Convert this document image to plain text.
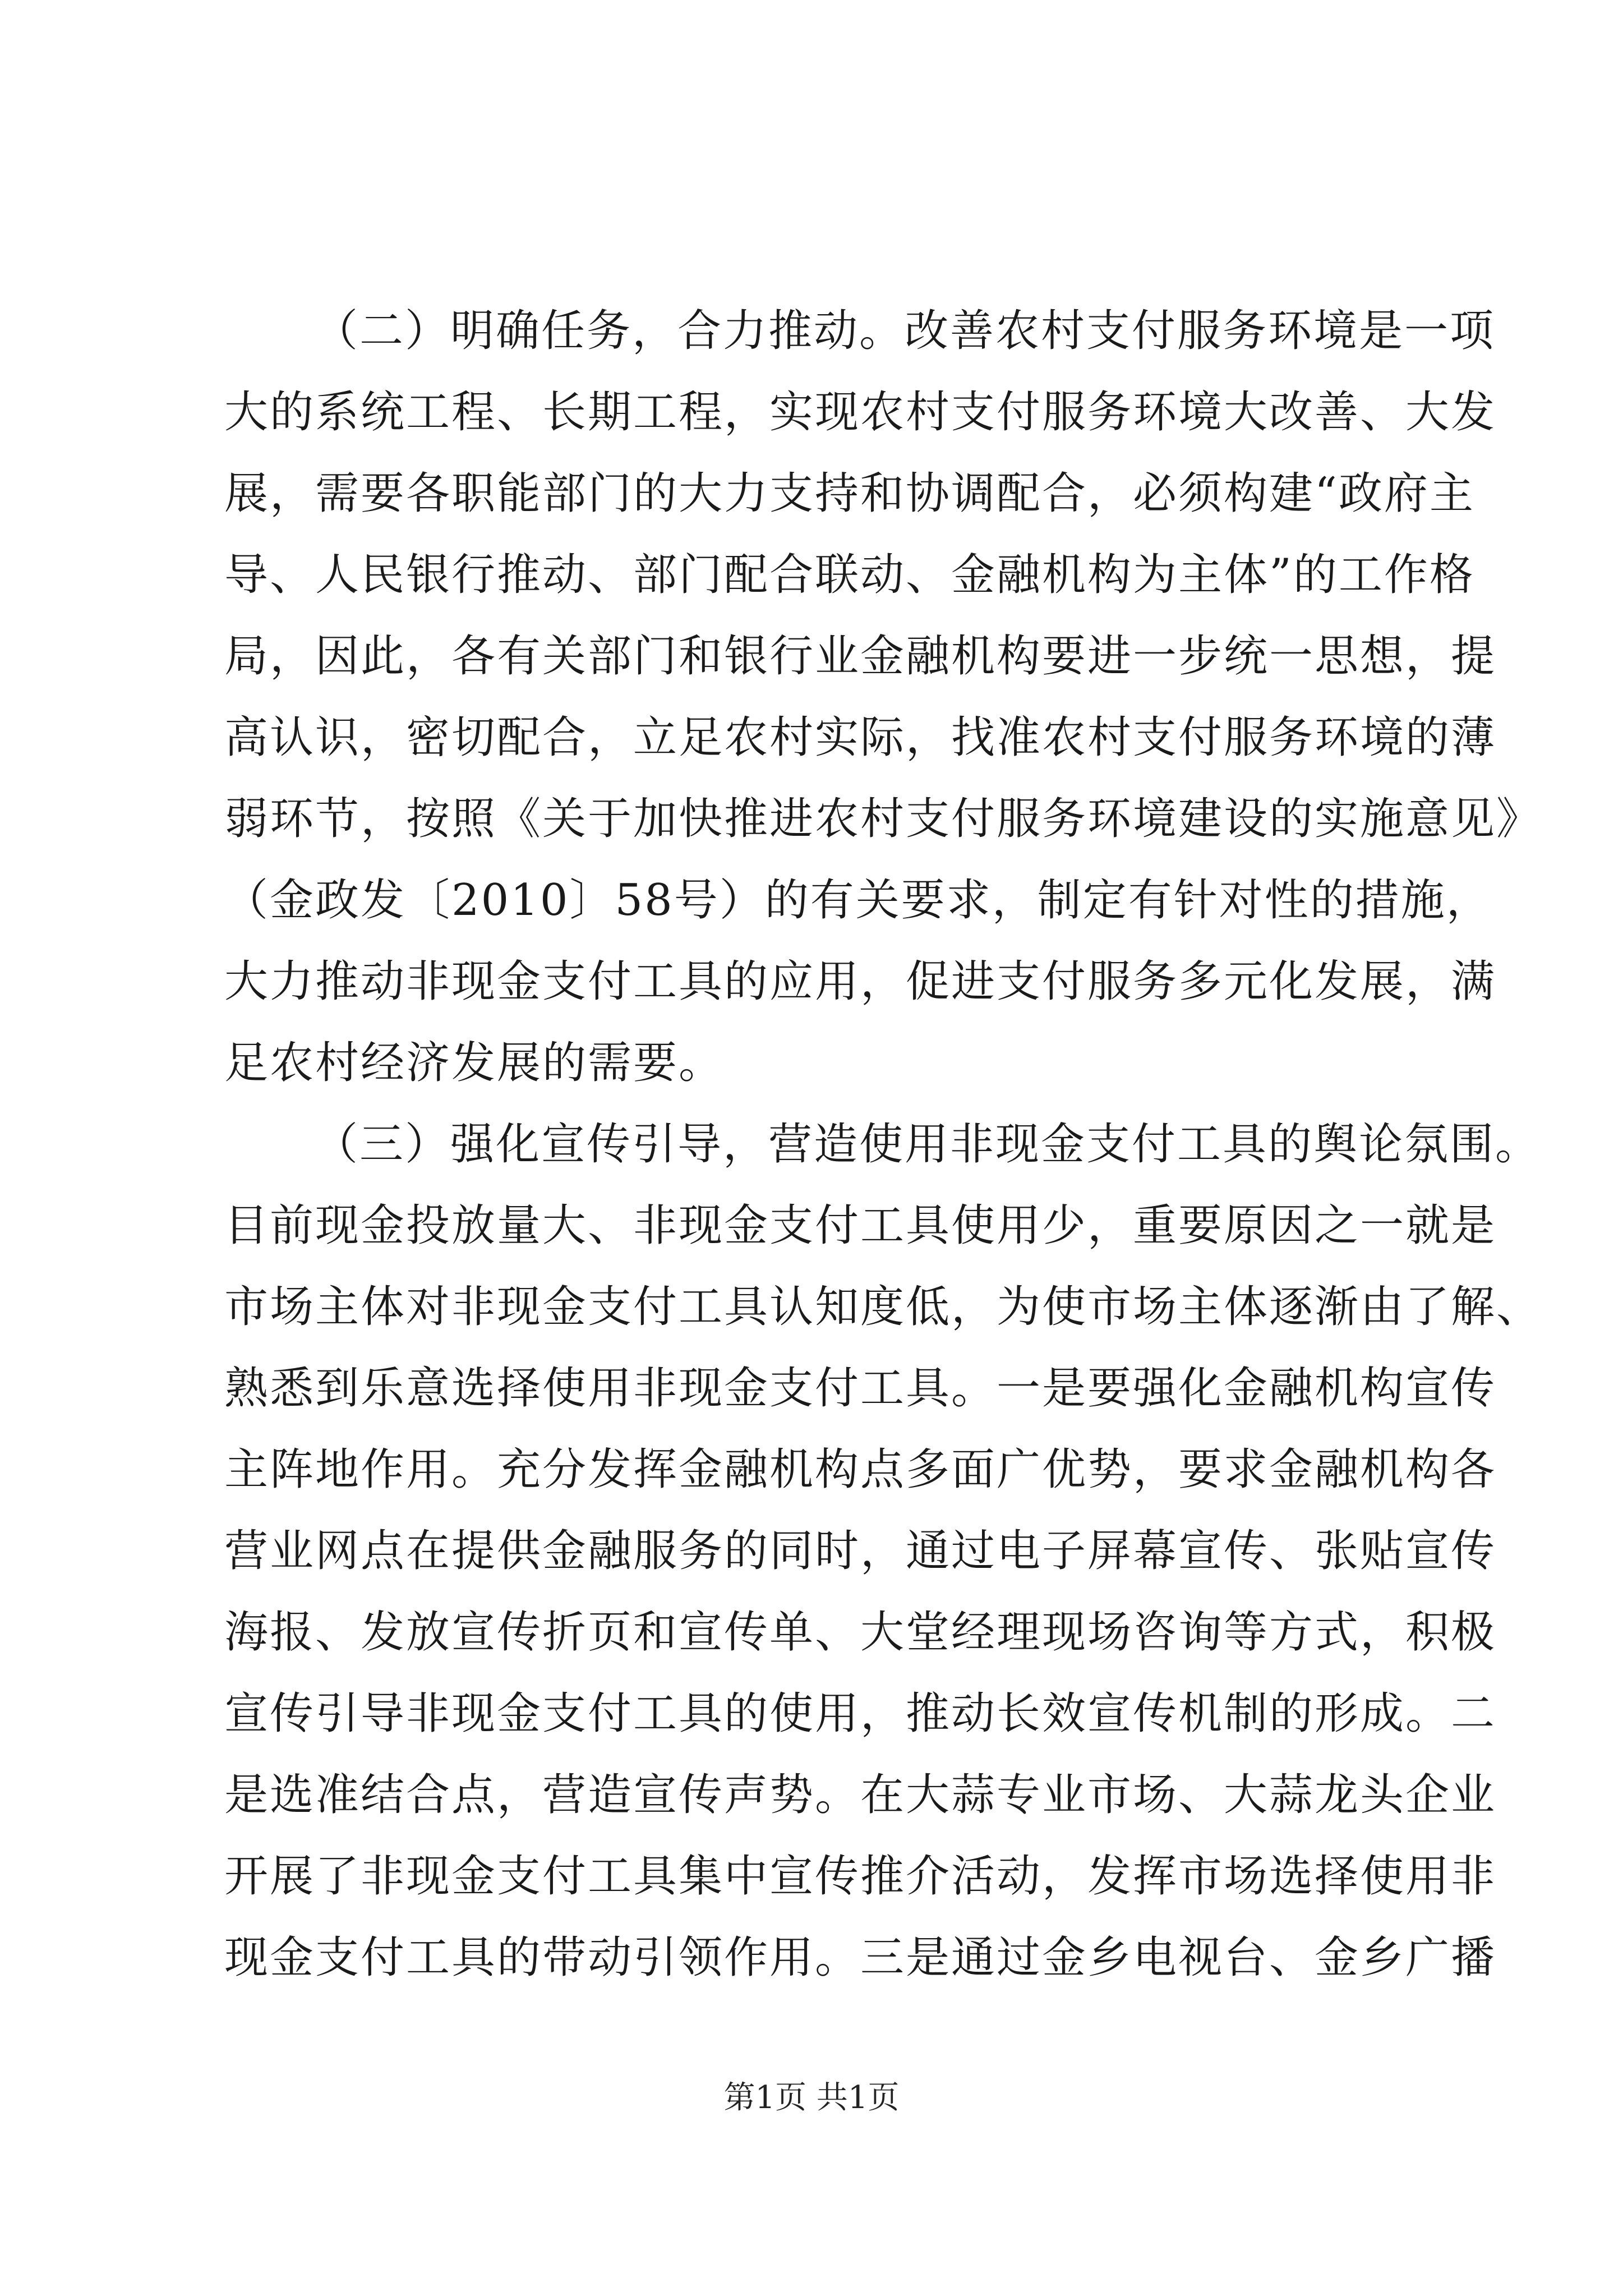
（二）明确任务，合力推动。改善农村支付服务环境是一项
大的系统工程、长期工程，实现农村支付服务环境大改善、大发
展，需要各职能部门的大力支持和协调配合，必须构建“政府主
导、人民银行推动、部门配合联动、金融机构为主体”的工作格
局，因此，各有关部门和银行业金融机构要进一步统一思想，提
高认识，密切配合，立足农村实际，找准农村支付服务环境的薄
弱环节，按照《关于加快推进农村支付服务环境建设的实施意见》
（金政发〔2010〕58号）的有关要求，制定有针对性的措施，
大力推动非现金支付工具的应用，促进支付服务多元化发展，满
足农村经济发展的需要。
（三）强化宣传引导，营造使用非现金支付工具的舆论氛围。
目前现金投放量大、非现金支付工具使用少，重要原因之一就是
市场主体对非现金支付工具认知度低，为使市场主体逐渐由了解、
熟悉到乐意选择使用非现金支付工具。一是要强化金融机构宣传
主阵地作用。充分发挥金融机构点多面广优势，要求金融机构各
营业网点在提供金融服务的同时，通过电子屏幕宣传、张贴宣传
海报、发放宣传折页和宣传单、大堂经理现场咨询等方式，积极
宣传引导非现金支付工具的使用，推动长效宣传机制的形成。二
是选准结合点，营造宣传声势。在大蒜专业市场、大蒜龙头企业
开展了非现金支付工具集中宣传推介活动，发挥市场选择使用非
现金支付工具的带动引领作用。三是通过金乡电视台、金乡广播
第1页 共1页
